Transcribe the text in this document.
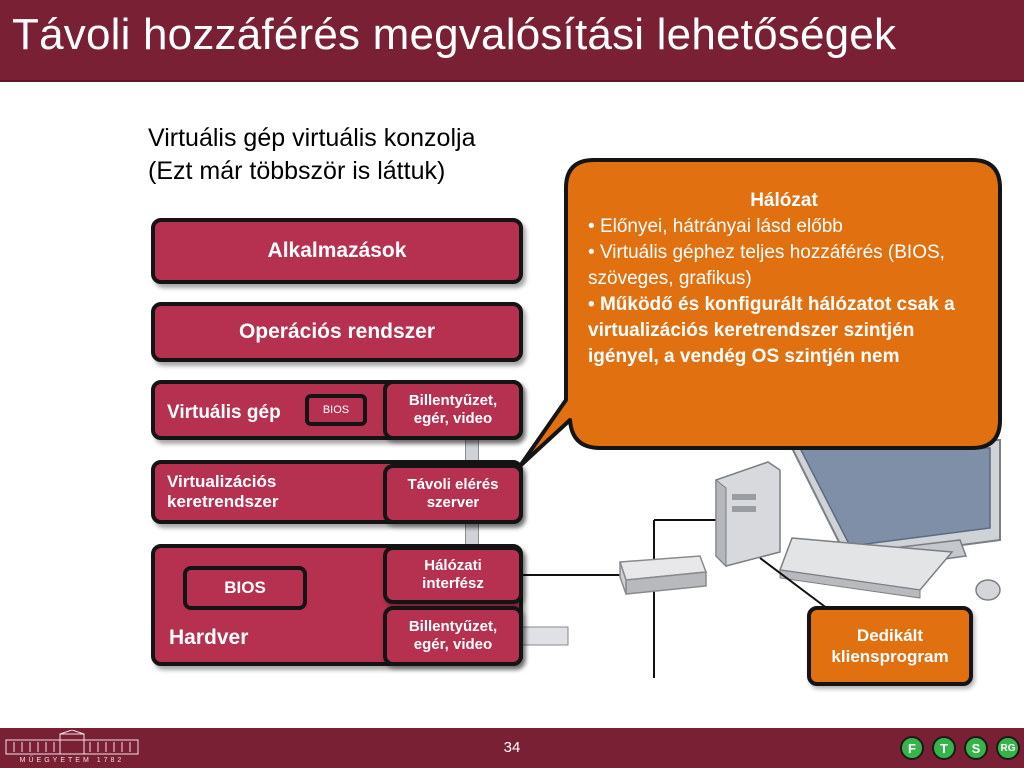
Távoli hozzáférés megvalósítási lehetőségek
Virtuális gép virtuális konzolja
(Ezt már többször is láttuk)
Alkalmazások
Operációs rendszer
Virtuális gép	BIOS
Virtualizációs
keretrendszer
BIOS
Hardver
Billentyűzet,
egér, video
Távoli elérés
szerver
Hálózati
interfész
Billentyűzet,
egér, video
Hálózat
• Előnyei, hátrányai lásd előbb
• Virtuális géphez teljes hozzáférés (BIOS, szöveges, grafikus)
• Működő és konfigurált hálózatot csak a virtualizációs keretrendszer szintjén igényel, a vendég OS szintjén nem
Dedikált
kliensprogram
MŰEGYETEM 1782
34	F T S RG
